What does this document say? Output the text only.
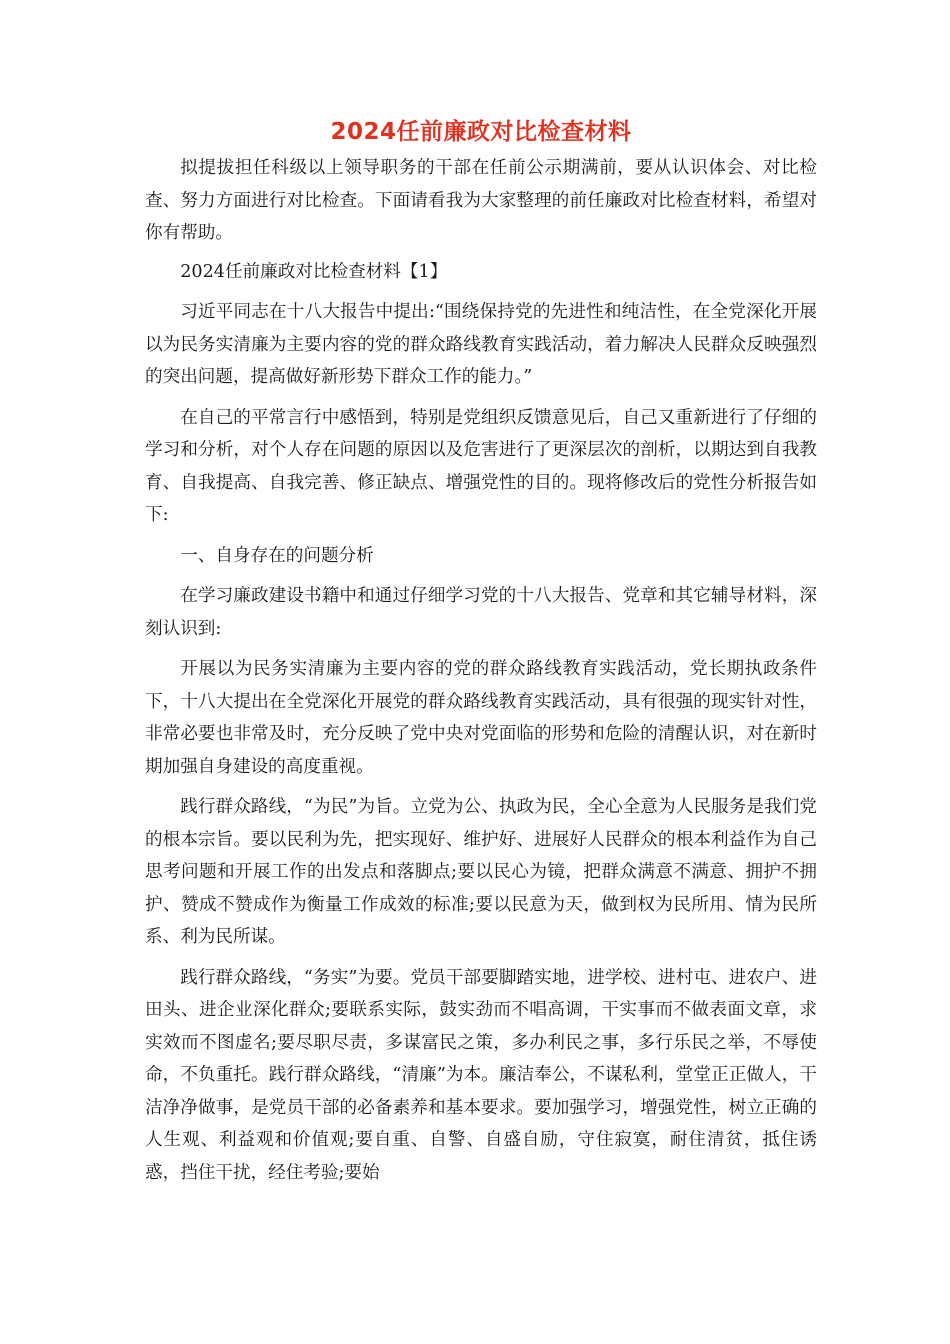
2024任前廉政对比检查材料

拟提拔担任科级以上领导职务的干部在任前公示期满前，要从认识体会、对比检查、努力方面进行对比检查。下面请看我为大家整理的前任廉政对比检查材料，希望对你有帮助。

2024任前廉政对比检查材料【1】

习近平同志在十八大报告中提出:“围绕保持党的先进性和纯洁性，在全党深化开展以为民务实清廉为主要内容的党的群众路线教育实践活动，着力解决人民群众反映强烈的突出问题，提高做好新形势下群众工作的能力。”

在自己的平常言行中感悟到，特别是党组织反馈意见后，自己又重新进行了仔细的学习和分析，对个人存在问题的原因以及危害进行了更深层次的剖析，以期达到自我教育、自我提高、自我完善、修正缺点、增强党性的目的。现将修改后的党性分析报告如下:

一、自身存在的问题分析

在学习廉政建设书籍中和通过仔细学习党的十八大报告、党章和其它辅导材料，深刻认识到:

开展以为民务实清廉为主要内容的党的群众路线教育实践活动，党长期执政条件下，十八大提出在全党深化开展党的群众路线教育实践活动，具有很强的现实针对性，非常必要也非常及时，充分反映了党中央对党面临的形势和危险的清醒认识，对在新时期加强自身建设的高度重视。

践行群众路线，“为民”为旨。立党为公、执政为民，全心全意为人民服务是我们党的根本宗旨。要以民利为先，把实现好、维护好、进展好人民群众的根本利益作为自己思考问题和开展工作的出发点和落脚点;要以民心为镜，把群众满意不满意、拥护不拥护、赞成不赞成作为衡量工作成效的标准;要以民意为天，做到权为民所用、情为民所系、利为民所谋。

践行群众路线，“务实”为要。党员干部要脚踏实地，进学校、进村屯、进农户、进田头、进企业深化群众;要联系实际，鼓实劲而不唱高调，干实事而不做表面文章，求实效而不图虚名;要尽职尽责，多谋富民之策，多办利民之事，多行乐民之举，不辱使命，不负重托。践行群众路线，“清廉”为本。廉洁奉公，不谋私利，堂堂正正做人，干洁净净做事，是党员干部的必备素养和基本要求。要加强学习，增强党性，树立正确的人生观、利益观和价值观;要自重、自警、自盛自励，守住寂寞，耐住清贫，抵住诱惑，挡住干扰，经住考验;要始
